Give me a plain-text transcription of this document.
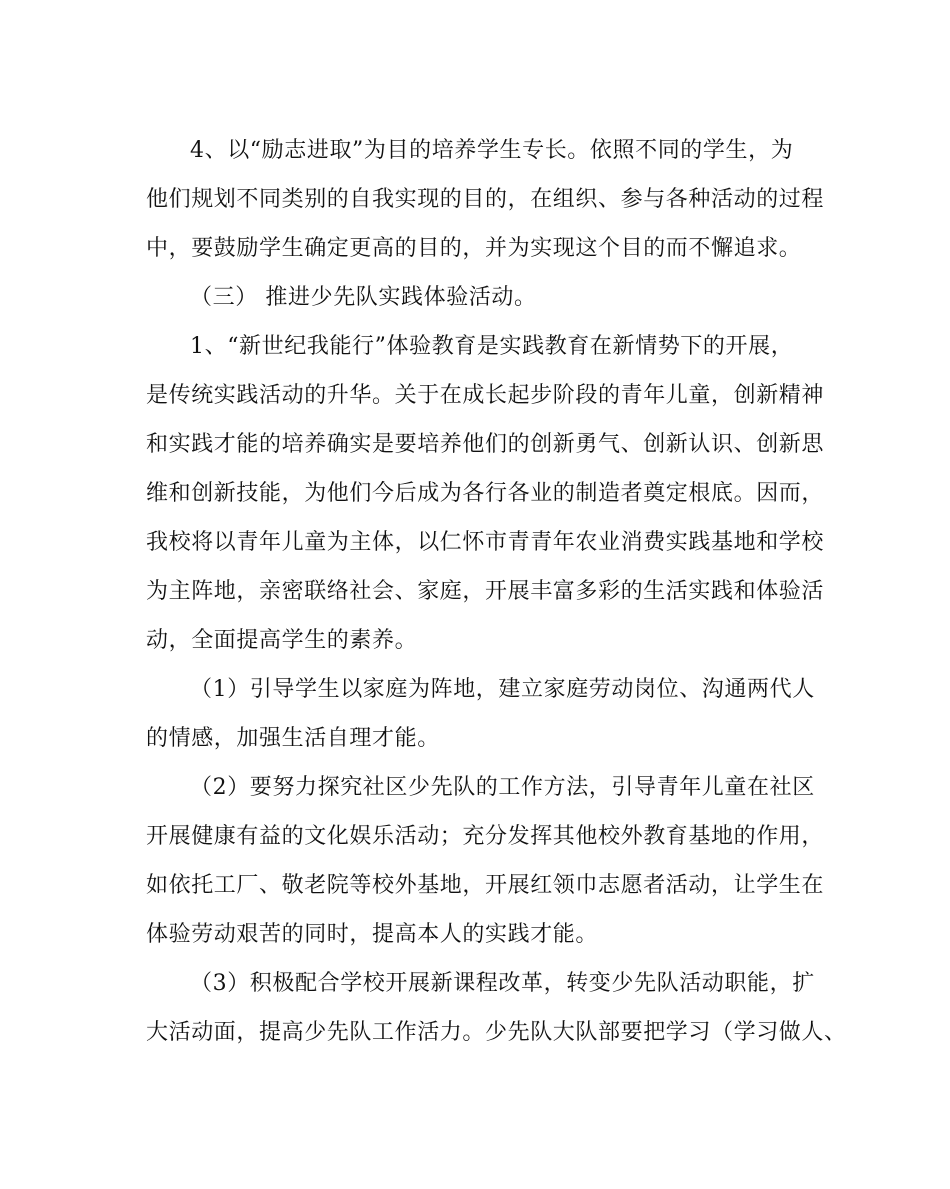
4、以“励志进取”为目的培养学生专长。依照不同的学生，为
他们规划不同类别的自我实现的目的，在组织、参与各种活动的过程
中，要鼓励学生确定更高的目的，并为实现这个目的而不懈追求。

（三） 推进少先队实践体验活动。

1、“新世纪我能行”体验教育是实践教育在新情势下的开展，
是传统实践活动的升华。关于在成长起步阶段的青年儿童，创新精神
和实践才能的培养确实是要培养他们的创新勇气、创新认识、创新思
维和创新技能，为他们今后成为各行各业的制造者奠定根底。因而，
我校将以青年儿童为主体，以仁怀市青青年农业消费实践基地和学校
为主阵地，亲密联络社会、家庭，开展丰富多彩的生活实践和体验活
动，全面提高学生的素养。

（1）引导学生以家庭为阵地，建立家庭劳动岗位、沟通两代人
的情感，加强生活自理才能。

（2）要努力探究社区少先队的工作方法，引导青年儿童在社区
开展健康有益的文化娱乐活动；充分发挥其他校外教育基地的作用，
如依托工厂、敬老院等校外基地，开展红领巾志愿者活动，让学生在
体验劳动艰苦的同时，提高本人的实践才能。

（3）积极配合学校开展新课程改革，转变少先队活动职能，扩
大活动面，提高少先队工作活力。少先队大队部要把学习（学习做人、
